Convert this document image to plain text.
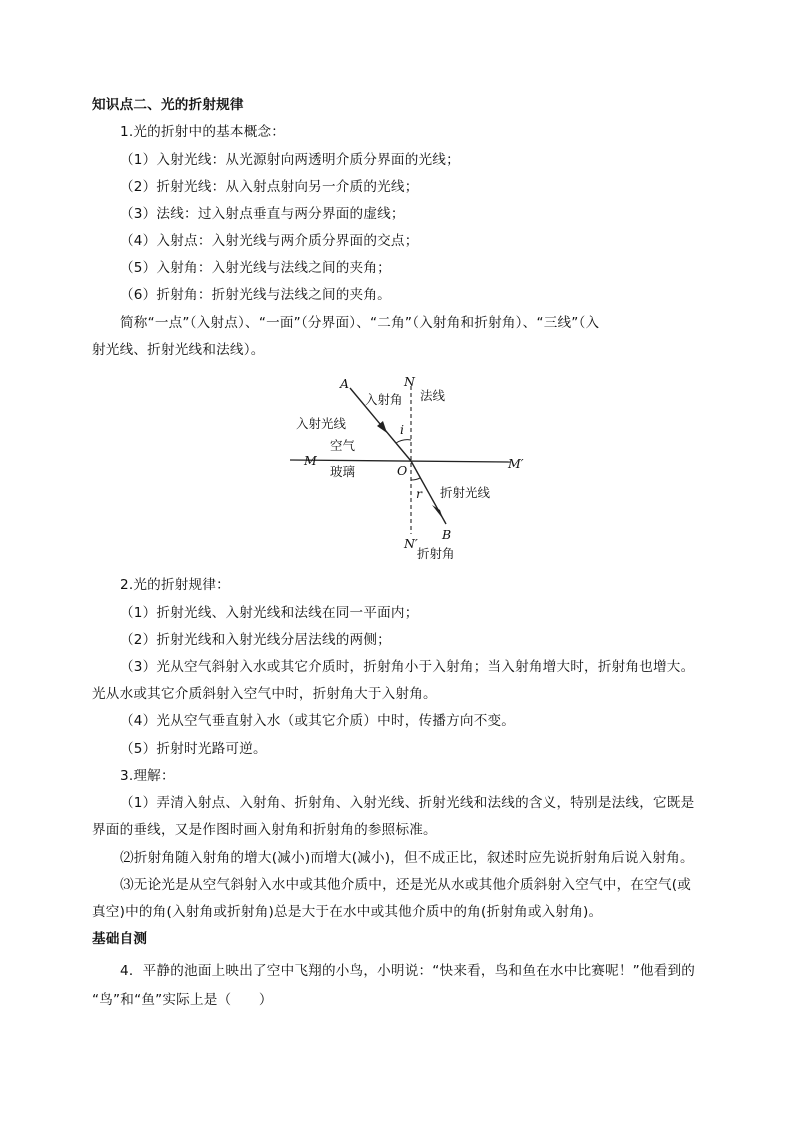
知识点二、光的折射规律
1.光的折射中的基本概念：
（1）入射光线：从光源射向两透明介质分界面的光线；
（2）折射光线：从入射点射向另一介质的光线；
（3）法线：过入射点垂直与两分界面的虚线；
（4）入射点：入射光线与两介质分界面的交点；
（5）入射角：入射光线与法线之间的夹角；
（6）折射角：折射光线与法线之间的夹角。
简称“一点”（入射点）、“一面”（分界面）、“二角”（入射角和折射角）、“三线”（入
射光线、折射光线和法线）。
A	N
法线
入射角
入射光线	i
空气
M
O	M′
玻璃
r 折射光线
B
N′
折射角
2.光的折射规律：
（1）折射光线、入射光线和法线在同一平面内；
（2）折射光线和入射光线分居法线的两侧；
（3）光从空气斜射入水或其它介质时，折射角小于入射角；当入射角增大时，折射角也增大。
光从水或其它介质斜射入空气中时，折射角大于入射角。
（4）光从空气垂直射入水（或其它介质）中时，传播方向不变。
（5）折射时光路可逆。
3.理解：
（1）弄清入射点、入射角、折射角、入射光线、折射光线和法线的含义，特别是法线，它既是
界面的垂线，又是作图时画入射角和折射角的参照标准。
⑵折射角随入射角的增大(减小)而增大(减小)，但不成正比，叙述时应先说折射角后说入射角。
⑶无论光是从空气斜射入水中或其他介质中，还是光从水或其他介质斜射入空气中，在空气(或
真空)中的角(入射角或折射角)总是大于在水中或其他介质中的角(折射角或入射角)。
基础自测
4．平静的池面上映出了空中飞翔的小鸟，小明说：“快来看，鸟和鱼在水中比赛呢！”他看到的
“鸟”和“鱼”实际上是（　　）
